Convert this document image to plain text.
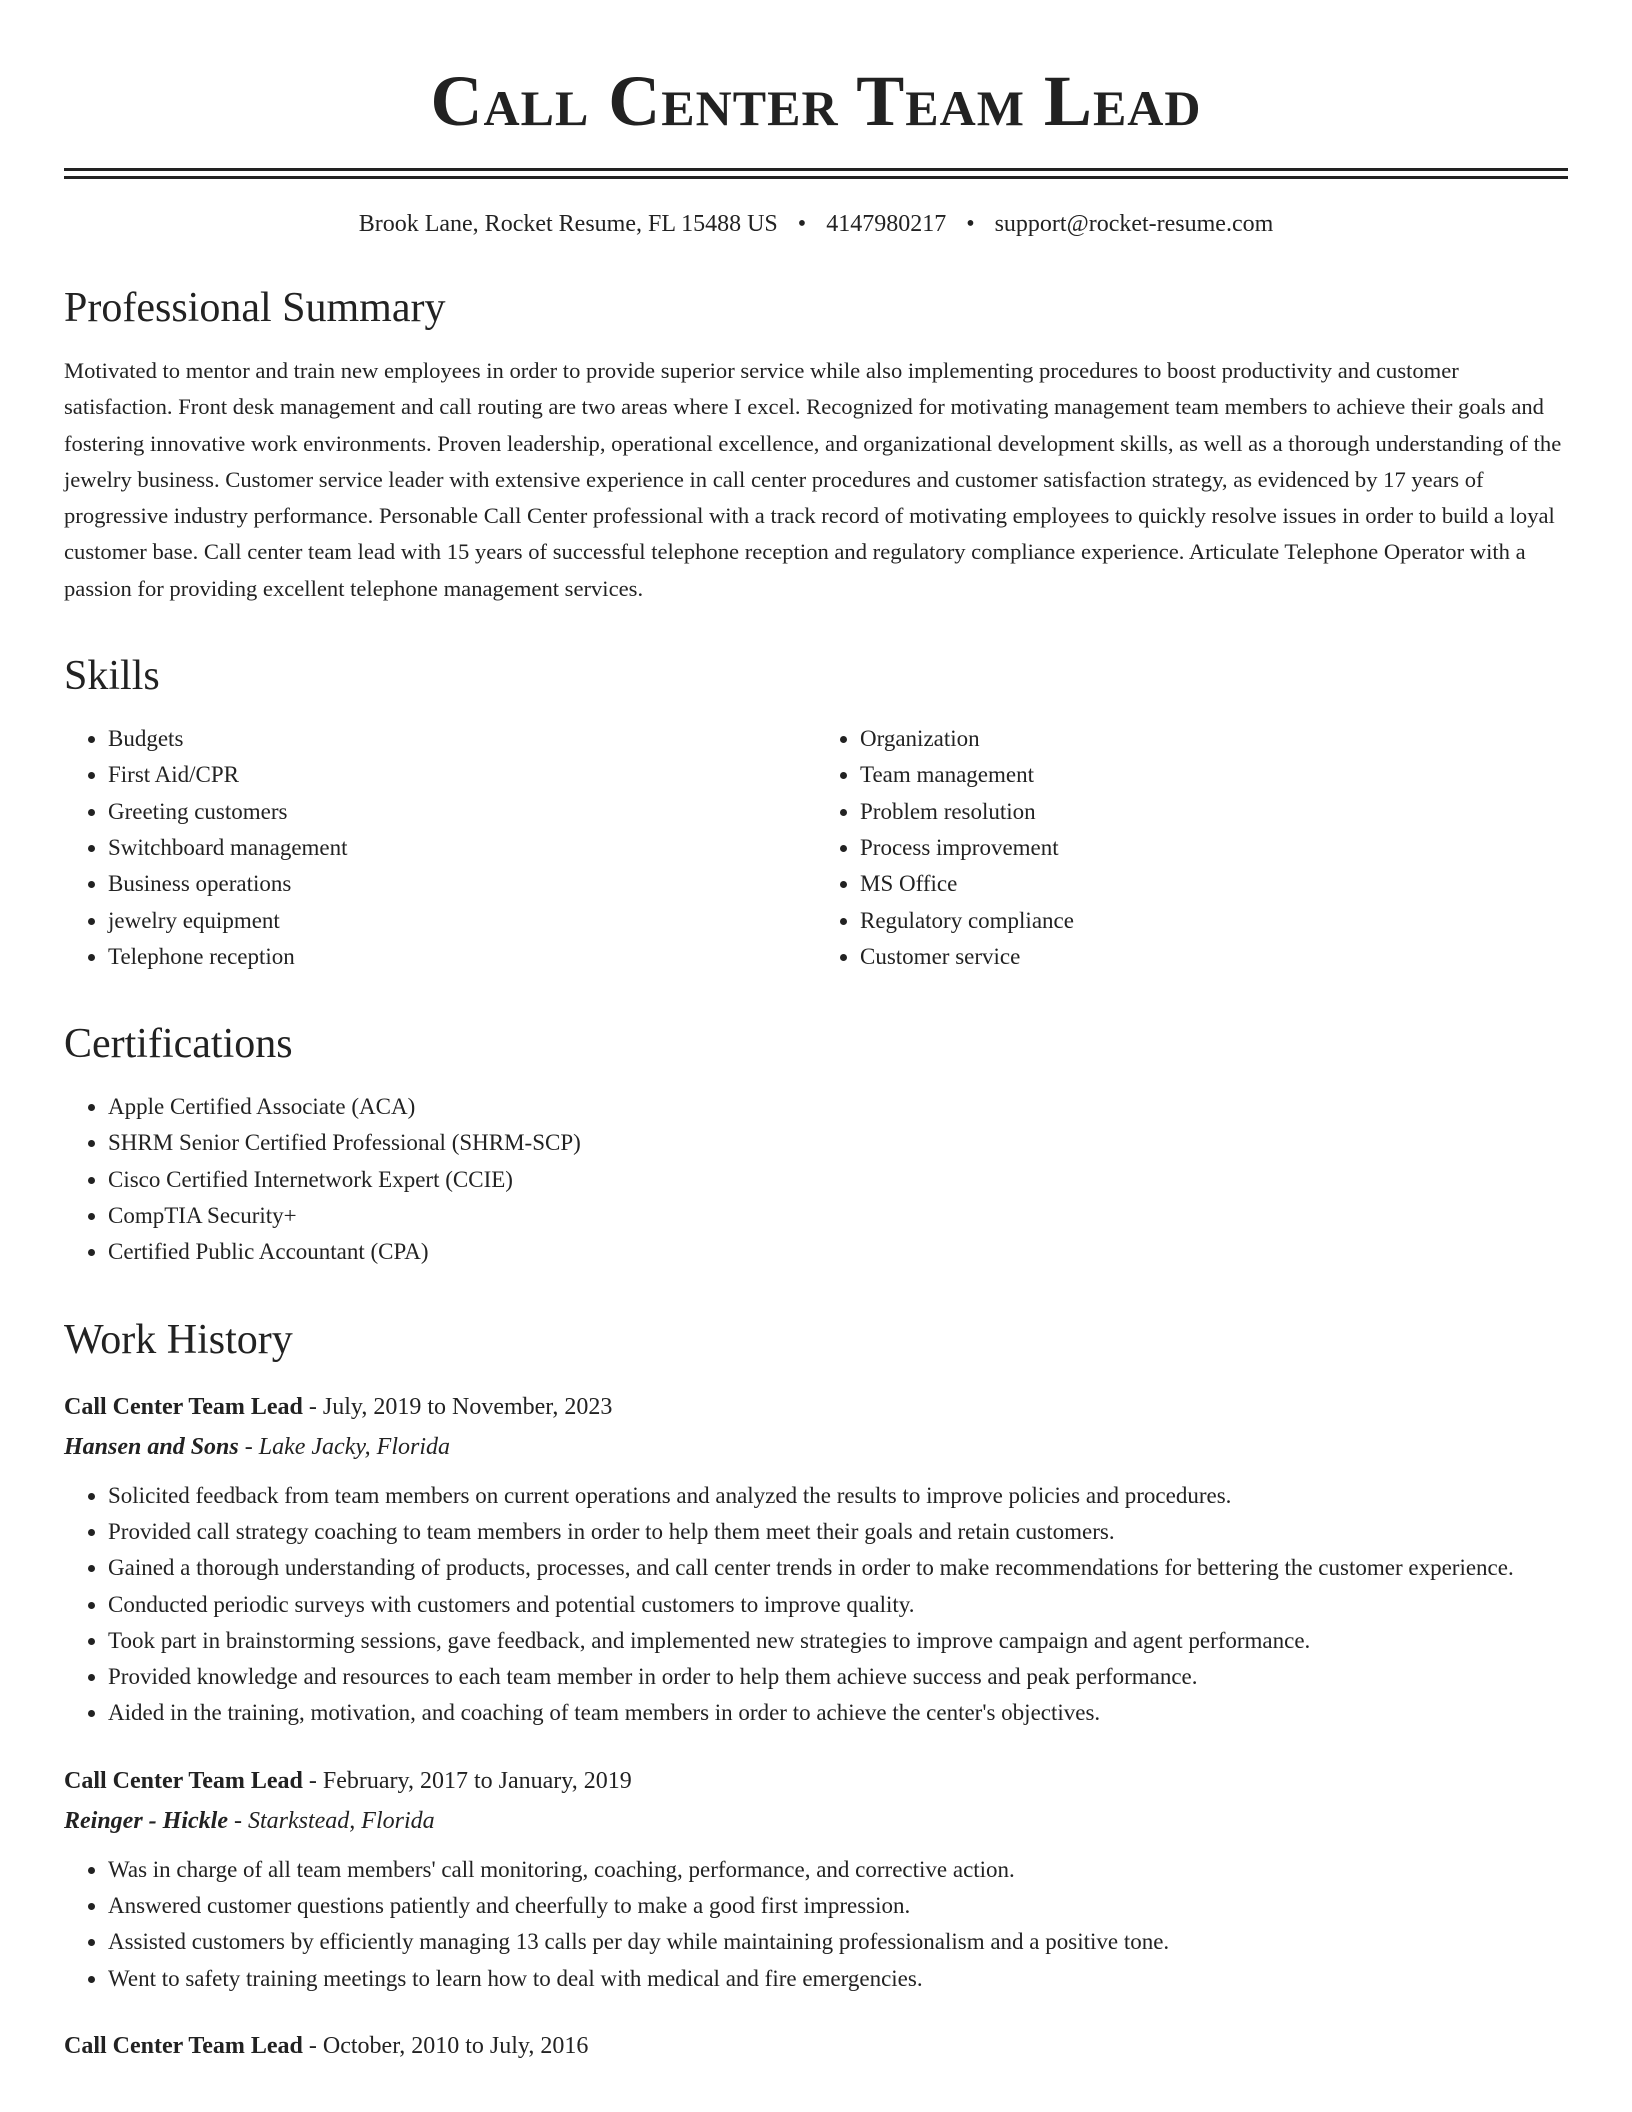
Call Center Team Lead
Brook Lane, Rocket Resume, FL 15488 US • 4147980217 • support@rocket-resume.com
Professional Summary

Motivated to mentor and train new employees in order to provide superior service while also implementing procedures to boost productivity and customer satisfaction. Front desk management and call routing are two areas where I excel. Recognized for motivating management team members to achieve their goals and fostering innovative work environments. Proven leadership, operational excellence, and organizational development skills, as well as a thorough understanding of the jewelry business. Customer service leader with extensive experience in call center procedures and customer satisfaction strategy, as evidenced by 17 years of progressive industry performance. Personable Call Center professional with a track record of motivating employees to quickly resolve issues in order to build a loyal customer base. Call center team lead with 15 years of successful telephone reception and regulatory compliance experience. Articulate Telephone Operator with a passion for providing excellent telephone management services.

Skills
• Budgets
• First Aid/CPR
• Greeting customers
• Switchboard management
• Business operations
• jewelry equipment
• Telephone reception
• Organization
• Team management
• Problem resolution
• Process improvement
• MS Office
• Regulatory compliance
• Customer service
Certifications
• Apple Certified Associate (ACA)
• SHRM Senior Certified Professional (SHRM-SCP)
• Cisco Certified Internetwork Expert (CCIE)
• CompTIA Security+
• Certified Public Accountant (CPA)
Work History
Call Center Team Lead - July, 2019 to November, 2023
Hansen and Sons - Lake Jacky, Florida
• Solicited feedback from team members on current operations and analyzed the results to improve policies and procedures.
• Provided call strategy coaching to team members in order to help them meet their goals and retain customers.
• Gained a thorough understanding of products, processes, and call center trends in order to make recommendations for bettering the customer experience.
• Conducted periodic surveys with customers and potential customers to improve quality.
• Took part in brainstorming sessions, gave feedback, and implemented new strategies to improve campaign and agent performance.
• Provided knowledge and resources to each team member in order to help them achieve success and peak performance.
• Aided in the training, motivation, and coaching of team members in order to achieve the center's objectives.
Call Center Team Lead - February, 2017 to January, 2019
Reinger - Hickle - Starkstead, Florida
• Was in charge of all team members' call monitoring, coaching, performance, and corrective action.
• Answered customer questions patiently and cheerfully to make a good first impression.
• Assisted customers by efficiently managing 13 calls per day while maintaining professionalism and a positive tone.
• Went to safety training meetings to learn how to deal with medical and fire emergencies.
Call Center Team Lead - October, 2010 to July, 2016
